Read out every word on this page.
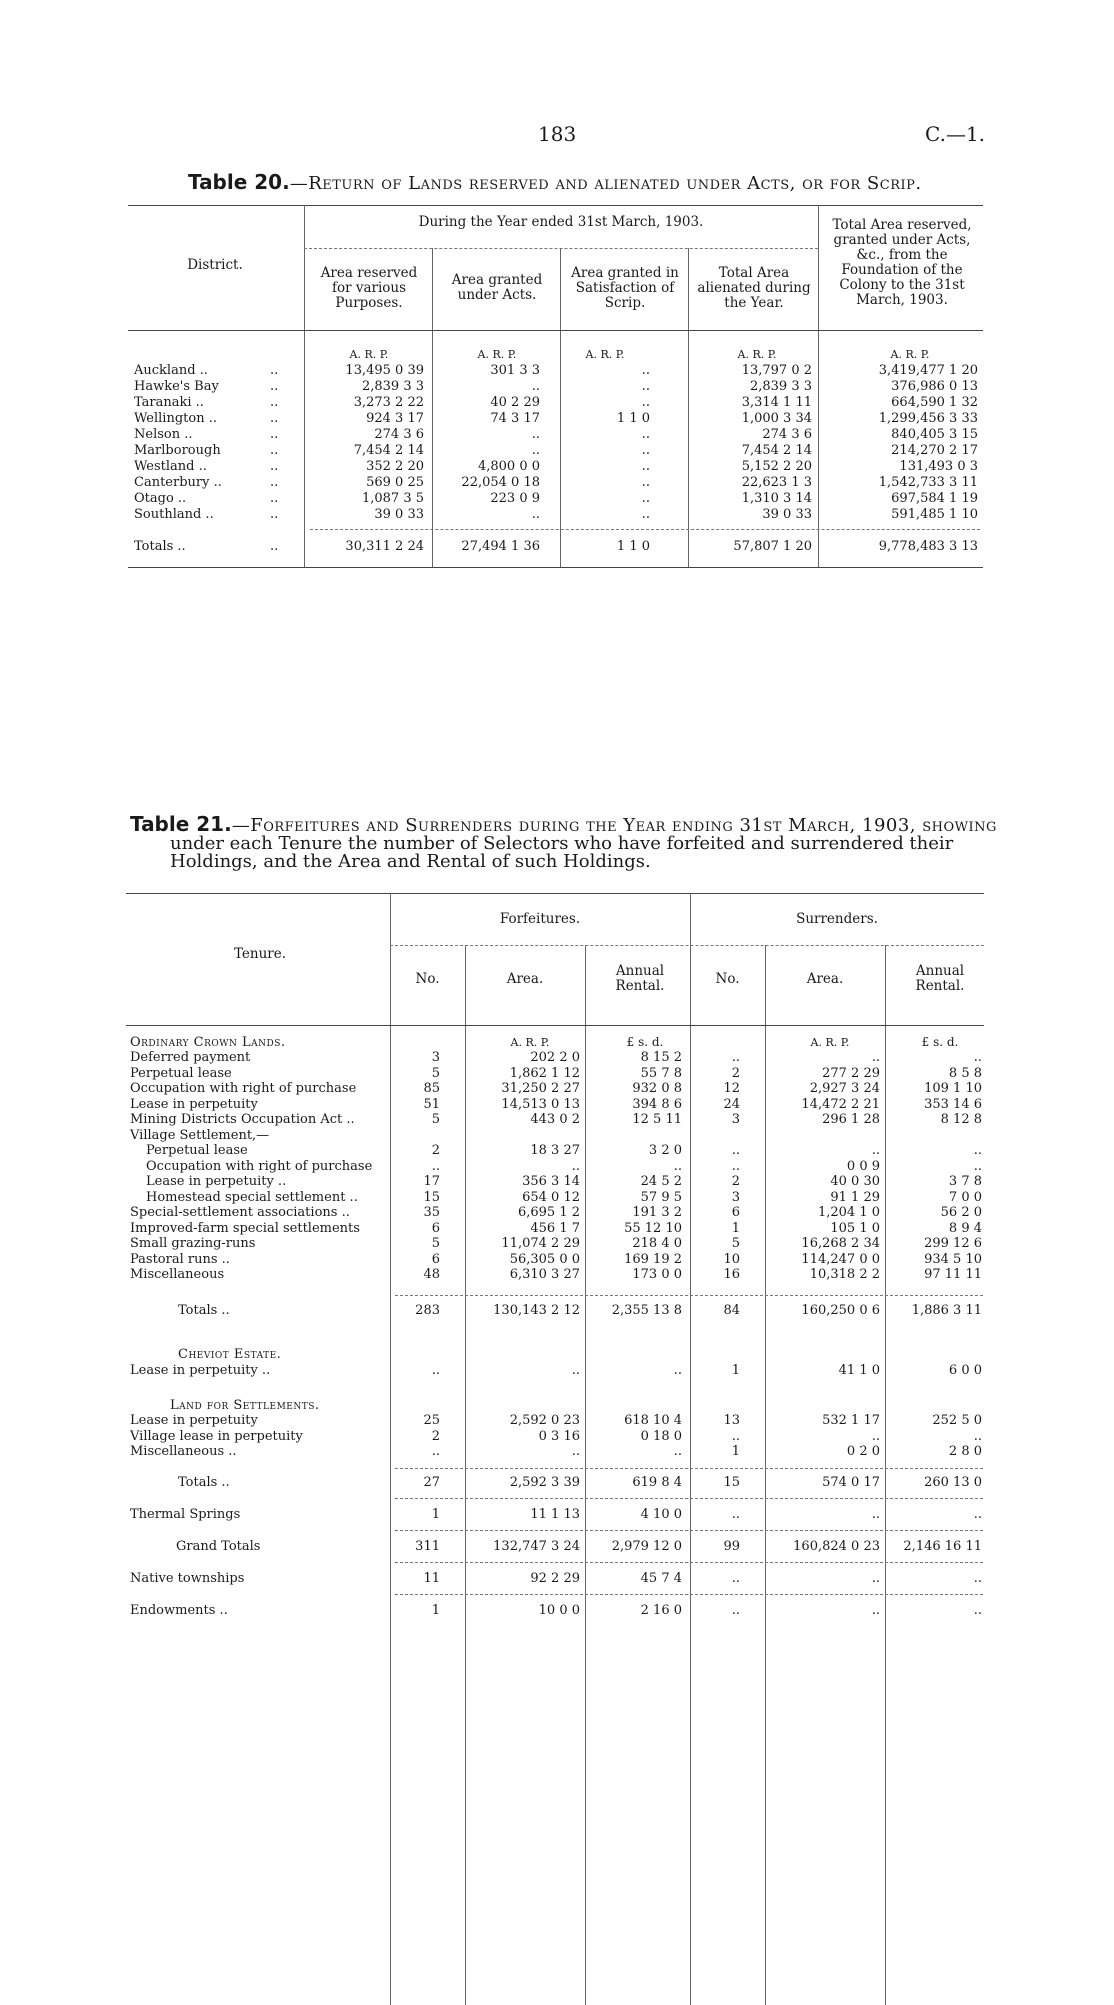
183	C.—1.
Table 20.—Return of Lands reserved and alienated under Acts, or for Scrip.
District.
During the Year ended 31st March, 1903.
Area reserved for various Purposes.
Area granted under Acts.
Area granted in Satisfaction of Scrip.
Total Area alienated during the Year.
Total Area reserved, granted under Acts, &c., from the Foundation of the Colony to the 31st March, 1903.
A. R. P.	A. R. P.	A. R. P.	A. R. P.	A. R. P.
Auckland ..	..	13,495 0 39	301 3 3	..	13,797 0 2	3,419,477 1 20
Hawke's Bay	..	2,839 3 3	..	..	2,839 3 3	376,986 0 13
Taranaki ..	..	3,273 2 22	40 2 29	..	3,314 1 11	664,590 1 32
Wellington ..	..	924 3 17	74 3 17	1 1 0	1,000 3 34	1,299,456 3 33
Nelson ..	..	274 3 6	..	..	274 3 6	840,405 3 15
Marlborough	..	7,454 2 14	..	..	7,454 2 14	214,270 2 17
Westland ..	..	352 2 20	4,800 0 0	..	5,152 2 20	131,493 0 3
Canterbury ..	..	569 0 25	22,054 0 18	..	22,623 1 3	1,542,733 3 11
Otago ..	..	1,087 3 5	223 0 9	..	1,310 3 14	697,584 1 19
Southland ..	..	39 0 33	..	..	39 0 33	591,485 1 10
Totals ..	..	30,311 2 24	27,494 1 36	1 1 0	57,807 1 20	9,778,483 3 13
Table 21.—Forfeitures and Surrenders during the Year ending 31st March, 1903, showing
under each Tenure the number of Selectors who have forfeited and surrendered their
Holdings, and the Area and Rental of such Holdings.
Tenure.
Forfeitures.	Surrenders.
No.	Area.	Annual Rental.	No.	Area.	Annual Rental.
Ordinary Crown Lands.	A. R. P.	£ s. d.	A. R. P.	£ s. d.
Cheviot Estate.
Land for Settlements.
Deferred payment	3	202 2 0	8 15 2	..	..	..
Perpetual lease	5	1,862 1 12	55 7 8	2	277 2 29	8 5 8
Occupation with right of purchase	85	31,250 2 27	932 0 8	12	2,927 3 24	109 1 10
Lease in perpetuity	51	14,513 0 13	394 8 6	24	14,472 2 21	353 14 6
Mining Districts Occupation Act ..	5	443 0 2	12 5 11	3	296 1 28	8 12 8
Village Settlement,—
Perpetual lease	2	18 3 27	3 2 0	..	..	..
Occupation with right of purchase	..	..	..	..	0 0 9	..
Lease in perpetuity ..	17	356 3 14	24 5 2	2	40 0 30	3 7 8
Homestead special settlement ..	15	654 0 12	57 9 5	3	91 1 29	7 0 0
Special-settlement associations ..	35	6,695 1 2	191 3 2	6	1,204 1 0	56 2 0
Improved-farm special settlements	6	456 1 7	55 12 10	1	105 1 0	8 9 4
Small grazing-runs	5	11,074 2 29	218 4 0	5	16,268 2 34	299 12 6
Pastoral runs ..	6	56,305 0 0	169 19 2	10	114,247 0 0	934 5 10
Miscellaneous	48	6,310 3 27	173 0 0	16	10,318 2 2	97 11 11
Totals ..	283	130,143 2 12	2,355 13 8	84	160,250 0 6	1,886 3 11
Lease in perpetuity ..	..	..	..	1	41 1 0	6 0 0
Lease in perpetuity	25	2,592 0 23	618 10 4	13	532 1 17	252 5 0
Village lease in perpetuity	2	0 3 16	0 18 0	..	..	..
Miscellaneous ..	..	..	..	1	0 2 0	2 8 0
Totals ..	27	2,592 3 39	619 8 4	15	574 0 17	260 13 0
Thermal Springs	1	11 1 13	4 10 0	..	..	..
Grand Totals	311	132,747 3 24	2,979 12 0	99	160,824 0 23	2,146 16 11
Native townships	11	92 2 29	45 7 4	..	..	..
Endowments ..	1	10 0 0	2 16 0	..	..	..
